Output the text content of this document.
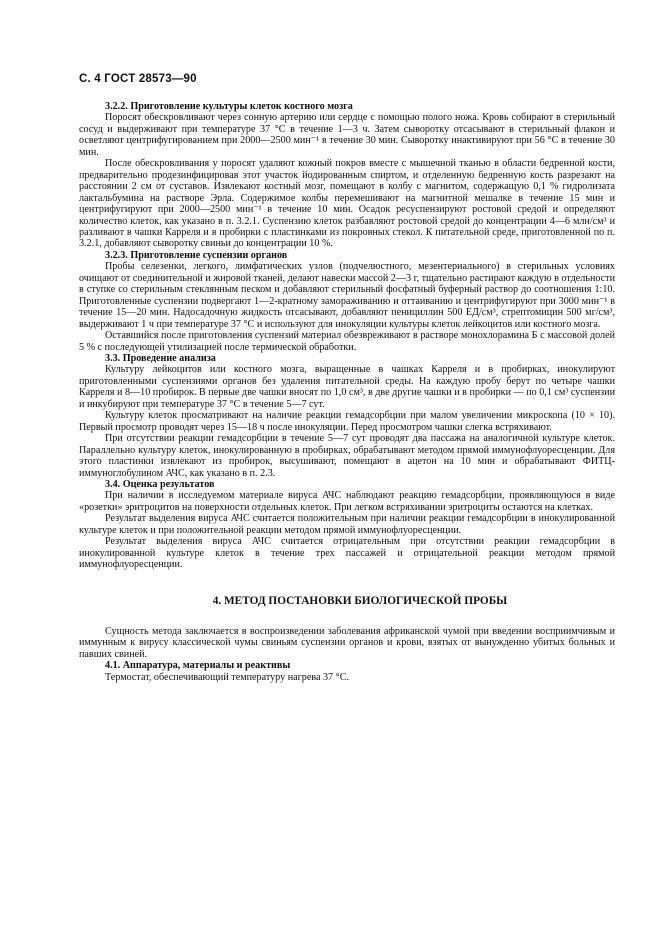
С. 4 ГОСТ 28573—90

3.2.2. Приготовление культуры клеток костного мозга

Поросят обескровливают через сонную артерию или сердце с помощью полого ножа. Кровь собирают в стерильный сосуд и выдерживают при температуре 37 °С в течение 1—3 ч. Затем сыворотку отсасывают в стерильный флакон и осветляют центрифугированием при 2000—2500 мин⁻¹ в течение 30 мин. Сыворотку инактивируют при 56 °С в течение 30 мин.

После обескровливания у поросят удаляют кожный покров вместе с мышечной тканью в области бедренной кости, предварительно продезинфицировав этот участок йодированным спиртом, и отделенную бедренную кость разрезают на расстоянии 2 см от суставов. Извлекают костный мозг, помещают в колбу с магнитом, содержащую 0,1 % гидролизата лактальбумина на растворе Эрла. Содержимое колбы перемешивают на магнитной мешалке в течение 15 мин и центрифугируют при 2000—2500 мин⁻¹ в течение 10 мин. Осадок ресуспензируют ростовой средой и определяют количество клеток, как указано в п. 3.2.1. Суспензию клеток разбавляют ростовой средой до концентрации 4—6 млн/см³ и разливают в чашки Карреля и в пробирки с пластинками из покровных стекол. К питательной среде, приготовленной по п. 3.2.1, добавляют сыворотку свиньи до концентрации 10 %.

3.2.3. Приготовление суспензии органов

Пробы селезенки, легкого, лимфатических узлов (подчелюстного, мезентериального) в стерильных условиях очищают от соединительной и жировой тканей, делают навески массой 2—3 г, тщательно растирают каждую в отдельности в ступке со стерильным стеклянным песком и добавляют стерильный фосфатный буферный раствор до соотношения 1:10. Приготовленные суспензии подвергают 1—2-кратному замораживанию и оттаиванию и центрифугируют при 3000 мин⁻¹ в течение 15—20 мин. Надосадочную жидкость отсасывают, добавляют пенициллин 500 ЕД/см³, стрептомицин 500 мг/см³, выдерживают 1 ч при температуре 37 °С и используют для инокуляции культуры клеток лейкоцитов или костного мозга.

Оставшийся после приготовления суспензий материал обезвреживают в растворе монохлорамина Б с массовой долей 5 % с последующей утилизацией после термической обработки.

3.3. Проведение анализа

Культуру лейкоцитов или костного мозга, выращенные в чашках Карреля и в пробирках, инокулируют приготовленными суспензиями органов без удаления питательной среды. На каждую пробу берут по четыре чашки Карреля и 8—10 пробирок. В первые две чашки вносят по 1,0 см³, в две другие чашки и в пробирки — по 0,1 см³ суспензии и инкубируют при температуре 37 °С в течение 5—7 сут.

Культуру клеток просматривают на наличие реакции гемадсорбции при малом увеличении микроскопа (10 × 10). Первый просмотр проводят через 15—18 ч после инокуляции. Перед просмотром чашки слегка встряхивают.

При отсутствии реакции гемадсорбции в течение 5—7 сут проводят два пассажа на аналогичной культуре клеток. Параллельно культуру клеток, инокулированную в пробирках, обрабатывают методом прямой иммунофлуоресценции. Для этого пластинки извлекают из пробирок, высушивают, помещают в ацетон на 10 мин и обрабатывают ФИТЦ-иммуноглобулином АЧС, как указано в п. 2.3.

3.4. Оценка результатов

При наличии в исследуемом материале вируса АЧС наблюдают реакцию гемадсорбции, проявляющуюся в виде «розетки» эритроцитов на поверхности отдельных клеток. При легком встряхивании эритроциты остаются на клетках.

Результат выделения вируса АЧС считается положительным при наличии реакции гемадсорбции в инокулированной культуре клеток и при положительной реакции методом прямой иммунофлуоресценции.

Результат выделения вируса АЧС считается отрицательным при отсутствии реакции гемадсорбции в инокулированной культуре клеток в течение трех пассажей и отрицательной реакции методом прямой иммунофлуоресценции.

4. МЕТОД ПОСТАНОВКИ БИОЛОГИЧЕСКОЙ ПРОБЫ

Сущность метода заключается в воспроизведении заболевания африканской чумой при введении восприимчивым и иммунным к вирусу классической чумы свиньям суспензии органов и крови, взятых от вынужденно убитых больных и павших свиней.

4.1. Аппаратура, материалы и реактивы

Термостат, обеспечивающий температуру нагрева 37 °С.
